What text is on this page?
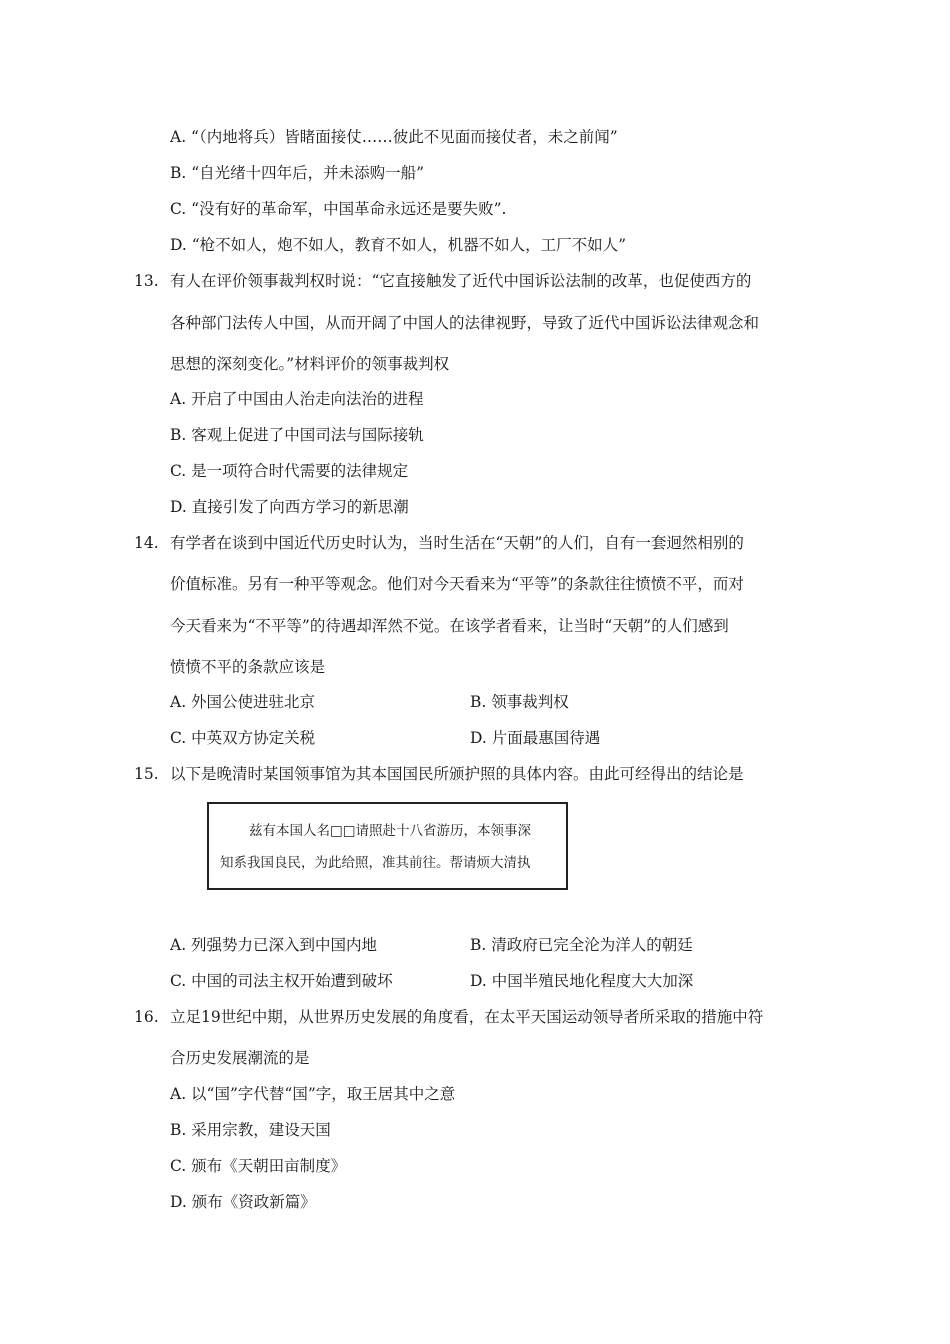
A. “（内地将兵）皆睹面接仗……彼此不见面而接仗者，未之前闻”
B. “自光绪十四年后，并未添购一船”
C. “没有好的革命军，中国革命永远还是要失败”.
D. “枪不如人，炮不如人，教育不如人，机器不如人，工厂不如人”
13. 有人在评价领事裁判权时说：“它直接触发了近代中国诉讼法制的改革，也促使西方的
各种部门法传人中国，从而开阔了中国人的法律视野，导致了近代中国诉讼法律观念和
思想的深刻变化。”材料评价的领事裁判权
A. 开启了中国由人治走向法治的进程
B. 客观上促进了中国司法与国际接轨
C. 是一项符合时代需要的法律规定
D. 直接引发了向西方学习的新思潮
14. 有学者在谈到中国近代历史时认为，当时生活在“天朝”的人们，自有一套迥然相别的
价值标准。另有一种平等观念。他们对今天看来为“平等”的条款往往愤愤不平，而对
今天看来为“不平等”的待遇却浑然不觉。在该学者看来，让当时“天朝”的人们感到
愤愤不平的条款应该是
A. 外国公使进驻北京	B. 领事裁判权
C. 中英双方协定关税	D. 片面最惠国待遇
15. 以下是晚清时某国领事馆为其本国国民所颁护照的具体内容。由此可经得出的结论是
兹有本国人名□□请照赴十八省游历，本领事深
知系我国良民，为此给照，准其前往。帮请烦大清执
A. 列强势力已深入到中国内地	B. 清政府已完全沦为洋人的朝廷
C. 中国的司法主权开始遭到破坏	D. 中国半殖民地化程度大大加深
16. 立足19世纪中期，从世界历史发展的角度看，在太平天国运动领导者所采取的措施中符
合历史发展潮流的是
A. 以“国”字代替“国”字，取王居其中之意
B. 采用宗教，建设天国
C. 颁布《天朝田亩制度》
D. 颁布《资政新篇》
